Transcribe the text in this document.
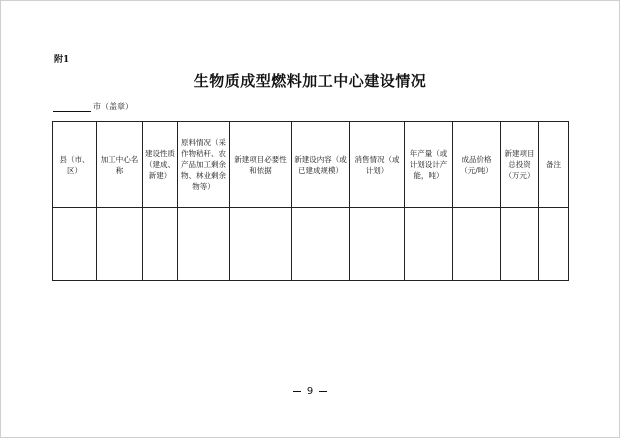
附1
生物质成型燃料加工中心建设情况
市（盖章）
县（市、区）	加工中心名称	建设性质（建成、新建）	原料情况（采作物秸秆、农产品加工剩余物、林业剩余物等）	新建项目必要性和依据	新建设内容（或已建成规模）	消售情况（或计划）	年产量（或计划设计产能，吨）	成品价格（元/吨）	新建项目总投资（万元）	备注

9
